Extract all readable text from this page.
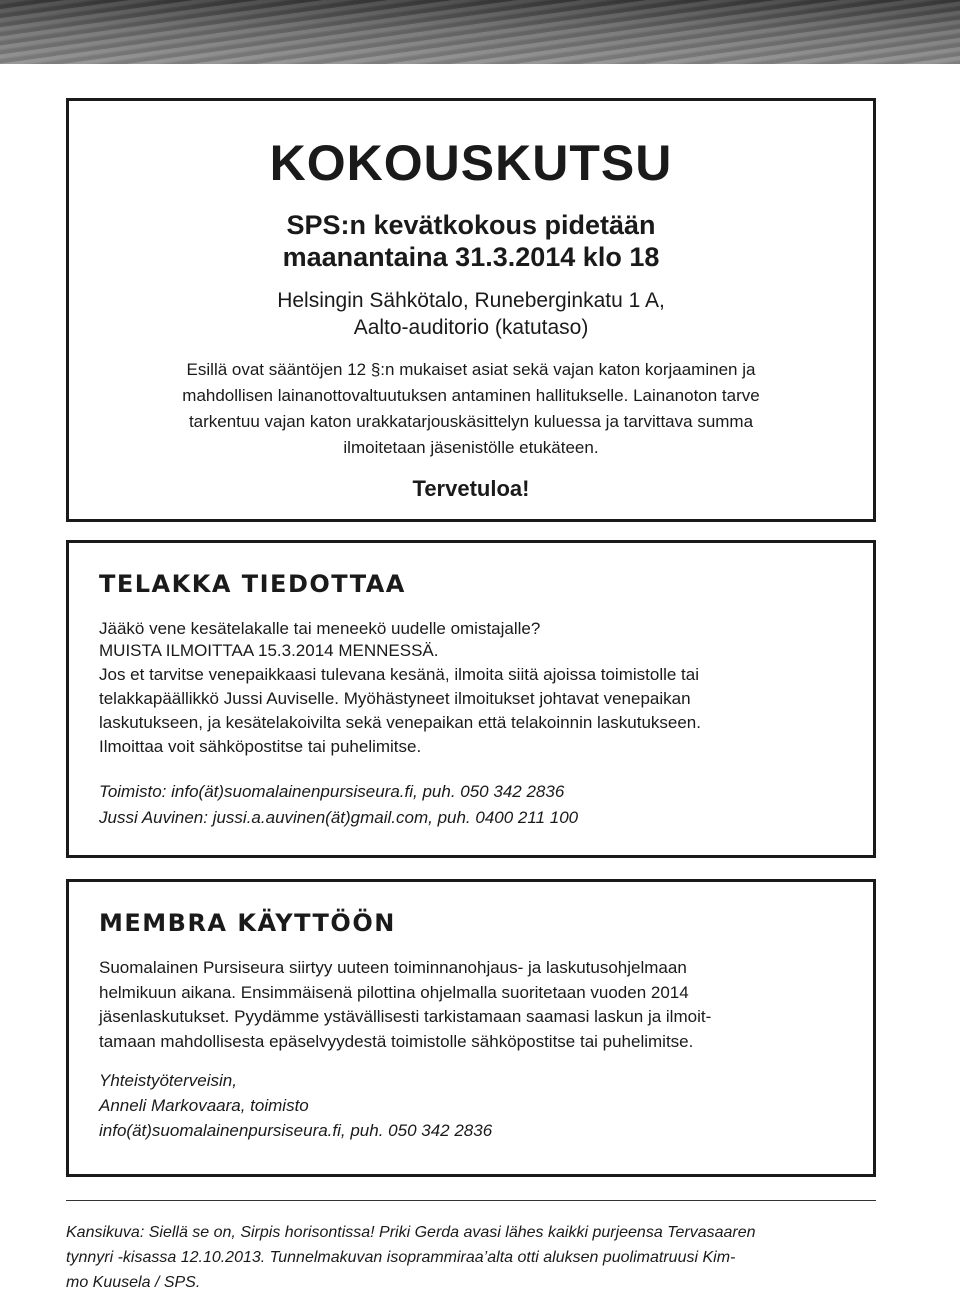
KOKOUSKUTSU
SPS:n kevätkokous pidetään
maanantaina 31.3.2014 klo 18
Helsingin Sähkötalo, Runeberginkatu 1 A,
Aalto-auditorio (katutaso)
Esillä ovat sääntöjen 12 §:n mukaiset asiat sekä vajan katon korjaaminen ja
mahdollisen lainanottovaltuutuksen antaminen hallitukselle. Lainanoton tarve
tarkentuu vajan katon urakkatarjouskäsittelyn kuluessa ja tarvittava summa
ilmoitetaan jäsenistölle etukäteen.
Tervetuloa!
TELAKKA TIEDOTTAA
Jääkö vene kesätelakalle tai meneekö uudelle omistajalle?
MUISTA ILMOITTAA 15.3.2014 MENNESSÄ.
Jos et tarvitse venepaikkaasi tulevana kesänä, ilmoita siitä ajoissa toimistolle tai
telakkapäällikkö Jussi Auviselle. Myöhästyneet ilmoitukset johtavat venepaikan
laskutukseen, ja kesätelakoivilta sekä venepaikan että telakoinnin laskutukseen.
Ilmoittaa voit sähköpostitse tai puhelimitse.
Toimisto: info(ät)suomalainenpursiseura.fi, puh. 050 342 2836
Jussi Auvinen: jussi.a.auvinen(ät)gmail.com, puh. 0400 211 100
MEMBRA KÄYTTÖÖN
Suomalainen Pursiseura siirtyy uuteen toiminnanohjaus- ja laskutusohjelmaan
helmikuun aikana. Ensimmäisenä pilottina ohjelmalla suoritetaan vuoden 2014
jäsenlaskutukset. Pyydämme ystävällisesti tarkistamaan saamasi laskun ja ilmoit-
tamaan mahdollisesta epäselvyydestä toimistolle sähköpostitse tai puhelimitse.
Yhteistyöterveisin,
Anneli Markovaara, toimisto
info(ät)suomalainenpursiseura.fi, puh. 050 342 2836
Kansikuva: Siellä se on, Sirpis horisontissa! Priki Gerda avasi lähes kaikki purjeensa Tervasaaren
tynnyri -kisassa 12.10.2013. Tunnelmakuvan isoprammiraa’alta otti aluksen puolimatruusi Kim-
mo Kuusela / SPS.
